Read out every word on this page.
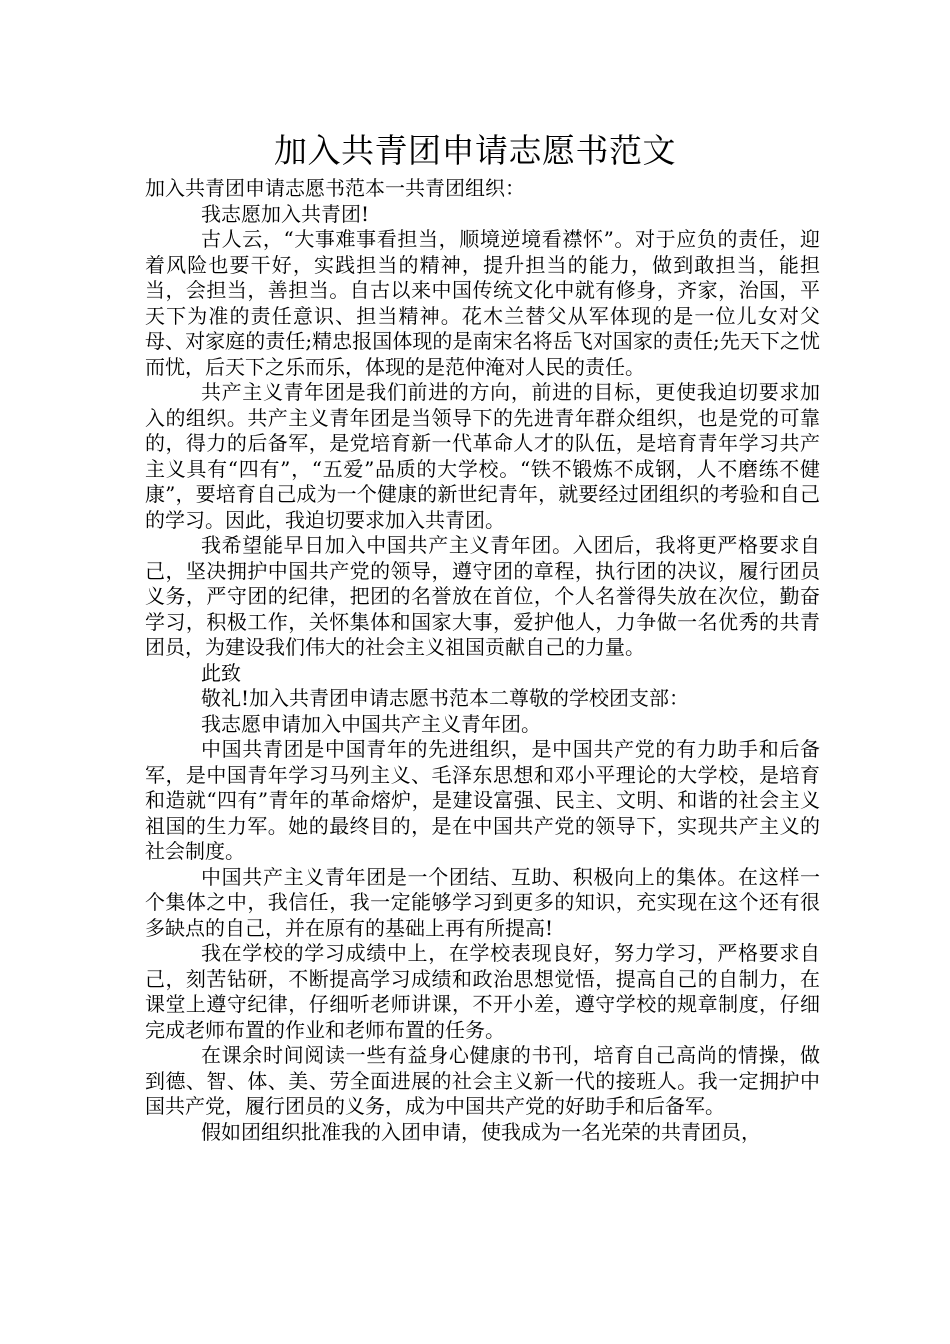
加入共青团申请志愿书范文

加入共青团申请志愿书范本一共青团组织：

我志愿加入共青团!

古人云，“大事难事看担当，顺境逆境看襟怀”。对于应负的责任，迎着风险也要干好，实践担当的精神，提升担当的能力，做到敢担当，能担当，会担当，善担当。自古以来中国传统文化中就有修身，齐家，治国，平天下为准的责任意识、担当精神。花木兰替父从军体现的是一位儿女对父母、对家庭的责任;精忠报国体现的是南宋名将岳飞对国家的责任;先天下之忧而忧，后天下之乐而乐，体现的是范仲淹对人民的责任。

共产主义青年团是我们前进的方向，前进的目标，更使我迫切要求加入的组织。共产主义青年团是当领导下的先进青年群众组织，也是党的可靠的，得力的后备军，是党培育新一代革命人才的队伍，是培育青年学习共产主义具有“四有”，“五爱”品质的大学校。“铁不锻炼不成钢，人不磨练不健康”，要培育自己成为一个健康的新世纪青年，就要经过团组织的考验和自己的学习。因此，我迫切要求加入共青团。

我希望能早日加入中国共产主义青年团。入团后，我将更严格要求自己，坚决拥护中国共产党的领导，遵守团的章程，执行团的决议，履行团员义务，严守团的纪律，把团的名誉放在首位，个人名誉得失放在次位，勤奋学习，积极工作，关怀集体和国家大事，爱护他人，力争做一名优秀的共青团员，为建设我们伟大的社会主义祖国贡献自己的力量。

此致

敬礼!加入共青团申请志愿书范本二尊敬的学校团支部：

我志愿申请加入中国共产主义青年团。

中国共青团是中国青年的先进组织，是中国共产党的有力助手和后备军，是中国青年学习马列主义、毛泽东思想和邓小平理论的大学校，是培育和造就“四有”青年的革命熔炉，是建设富强、民主、文明、和谐的社会主义祖国的生力军。她的最终目的，是在中国共产党的领导下，实现共产主义的社会制度。

中国共产主义青年团是一个团结、互助、积极向上的集体。在这样一个集体之中，我信任，我一定能够学习到更多的知识，充实现在这个还有很多缺点的自己，并在原有的基础上再有所提高!

我在学校的学习成绩中上，在学校表现良好，努力学习，严格要求自己，刻苦钻研，不断提高学习成绩和政治思想觉悟，提高自己的自制力，在课堂上遵守纪律，仔细听老师讲课，不开小差，遵守学校的规章制度，仔细完成老师布置的作业和老师布置的任务。

在课余时间阅读一些有益身心健康的书刊，培育自己高尚的情操，做到德、智、体、美、劳全面进展的社会主义新一代的接班人。我一定拥护中国共产党，履行团员的义务，成为中国共产党的好助手和后备军。

假如团组织批准我的入团申请，使我成为一名光荣的共青团员，
